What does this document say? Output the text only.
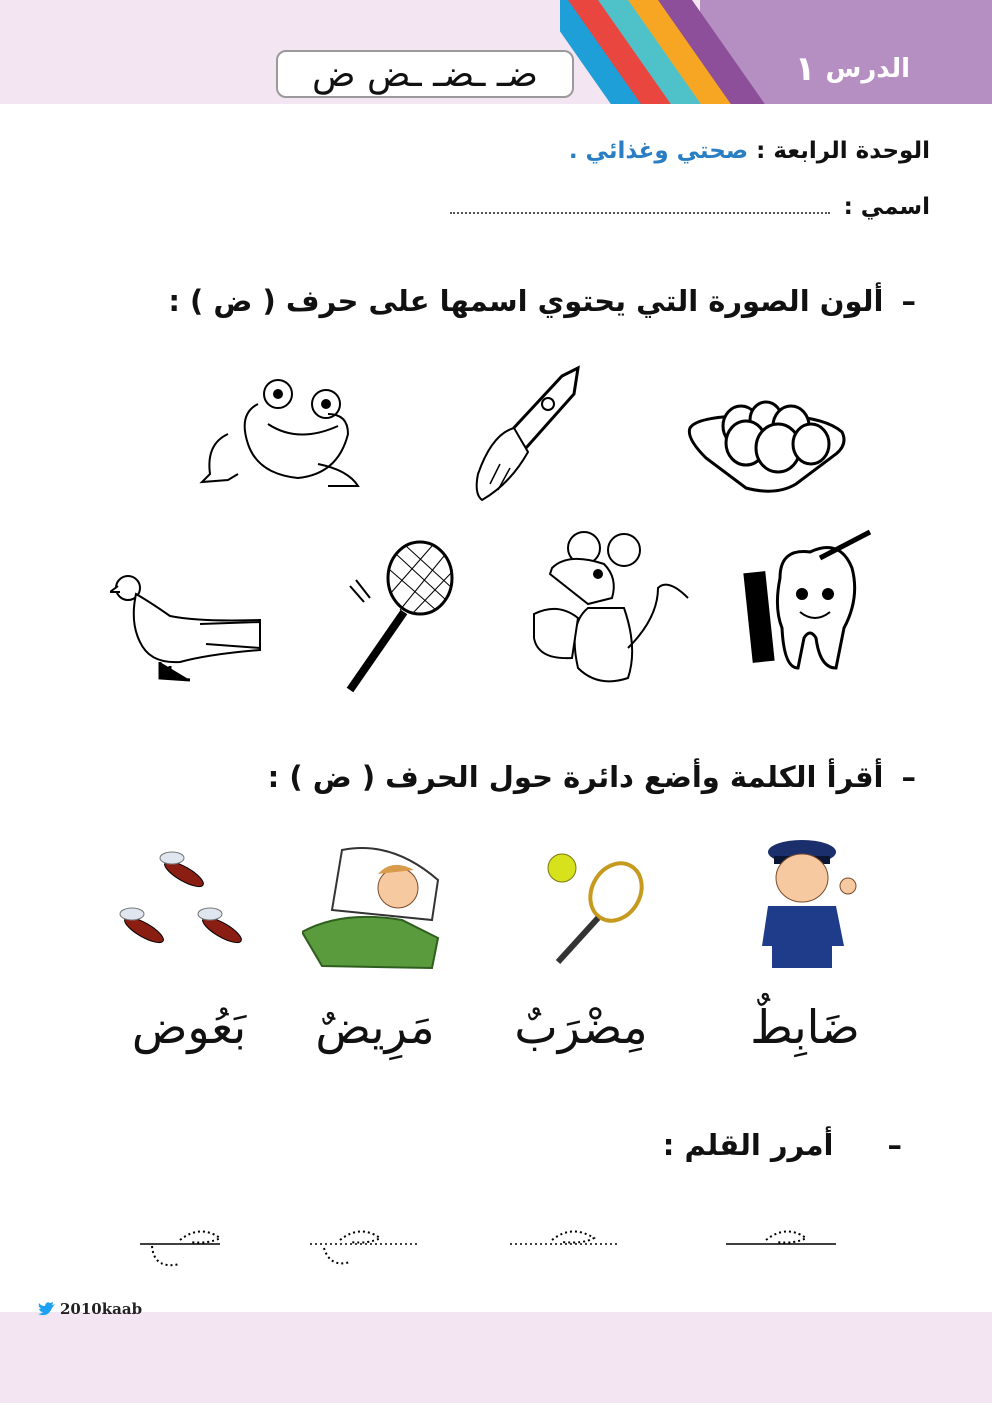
الدرس
١
ضـ ـضـ ـض ض
الوحدة الرابعة : صحتي وغذائي .
اسمي :
–ألون الصورة التي يحتوي اسمها على حرف ( ض ) :
–أقرأ الكلمة وأضع دائرة حول الحرف ( ض ) :
ضَابِطٌ
مِضْرَبٌ
مَرِيضٌ
بَعُوض
–أمرر القلم :
2010kaab
